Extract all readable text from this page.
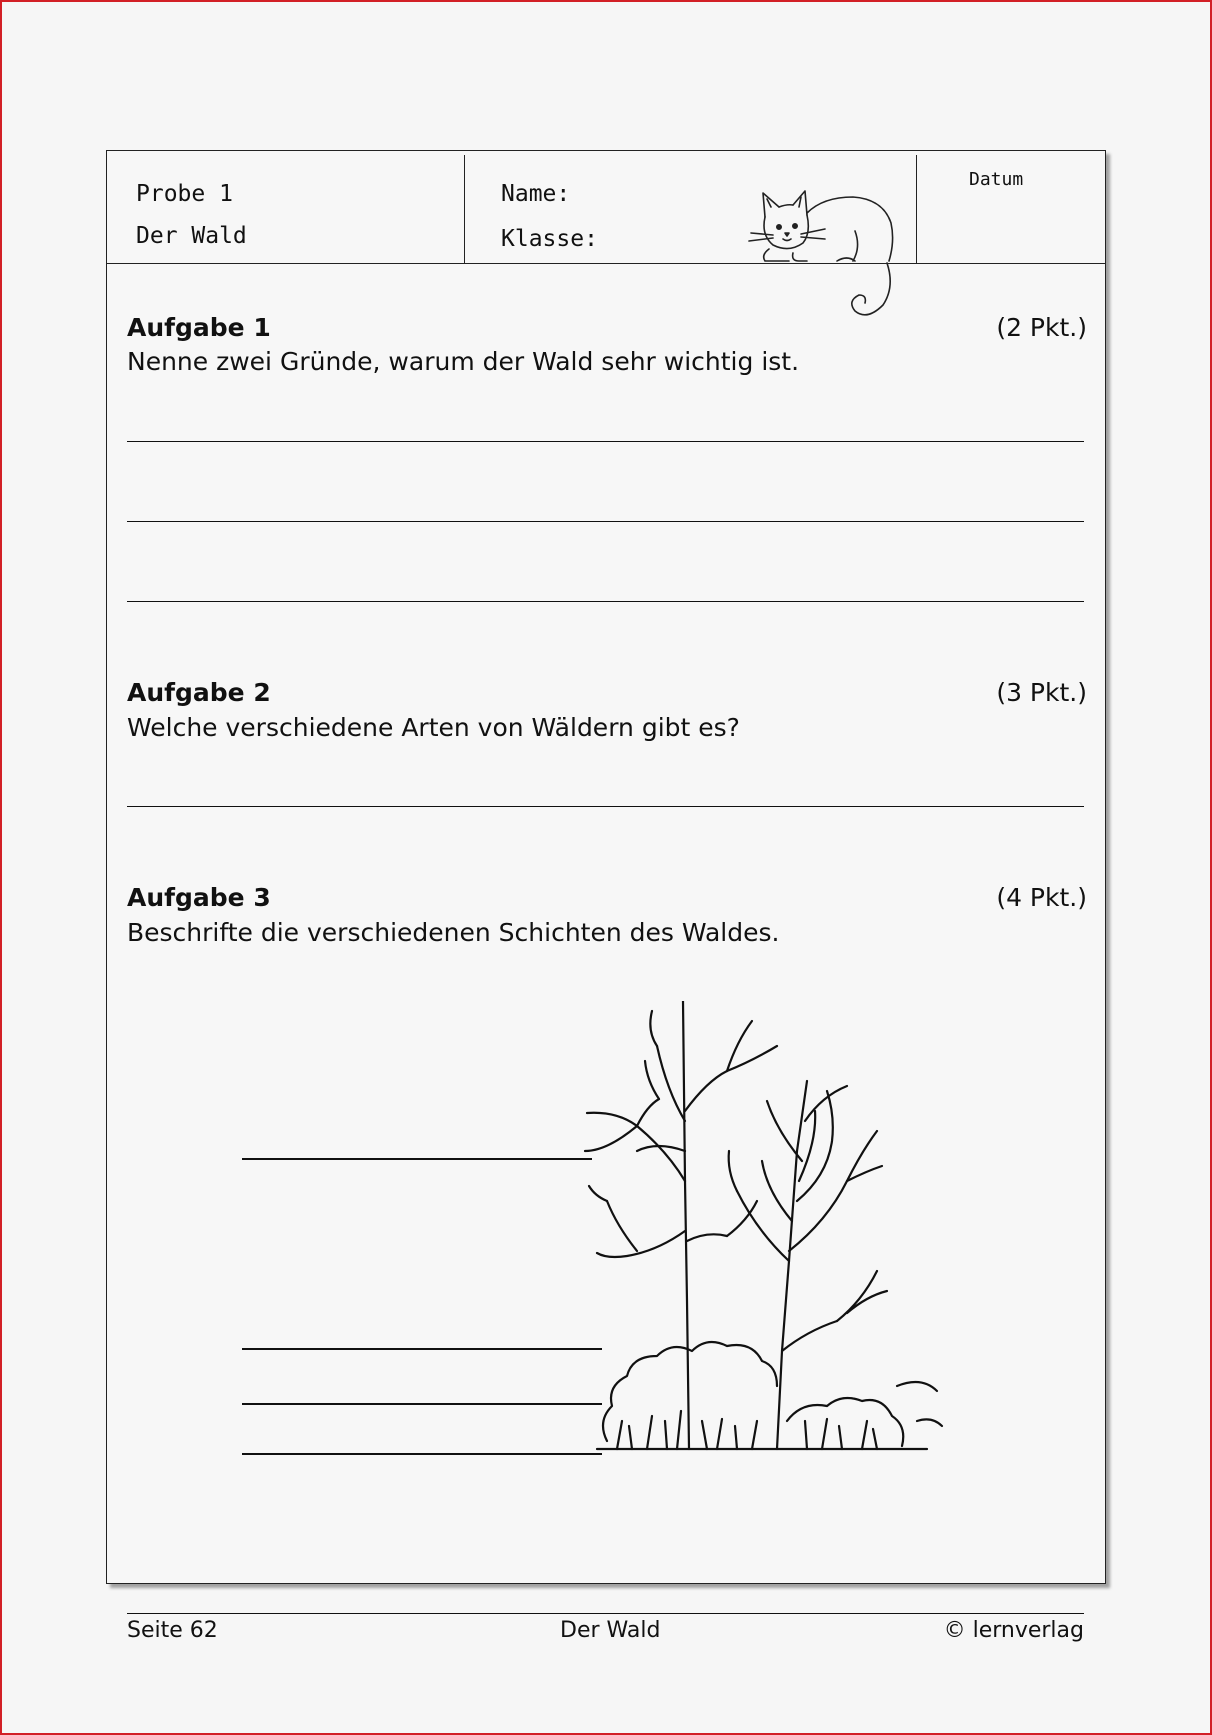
Probe 1
Der Wald
Name:
Klasse:
Datum
Aufgabe 1	(2 Pkt.)
Nenne zwei Gründe, warum der Wald sehr wichtig ist.
Aufgabe 2	(3 Pkt.)
Welche verschiedene Arten von Wäldern gibt es?
Aufgabe 3	(4 Pkt.)
Beschrifte die verschiedenen Schichten des Waldes.
Seite 62	Der Wald	© lernverlag
